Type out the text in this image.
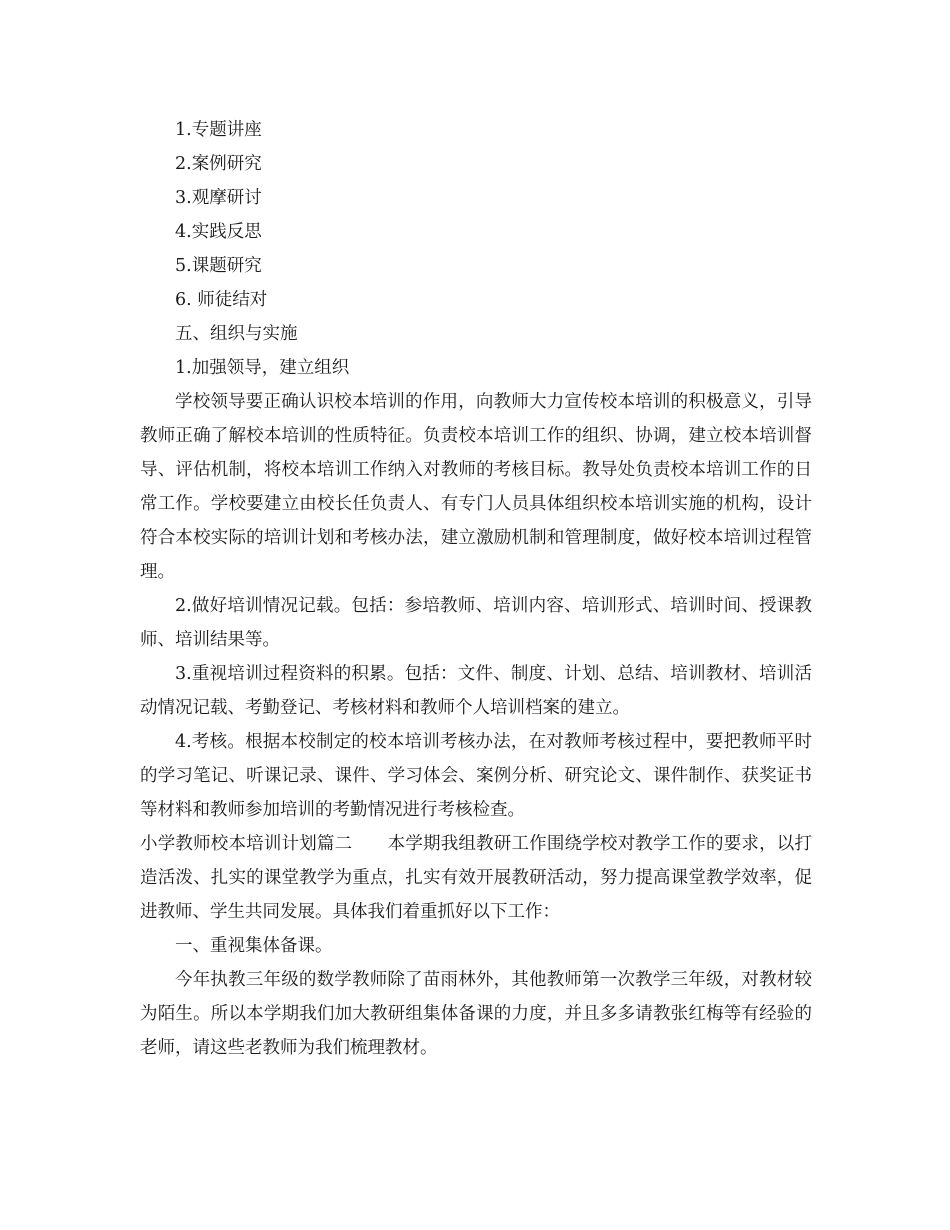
1.专题讲座

2.案例研究

3.观摩研讨

4.实践反思

5.课题研究

6. 师徒结对

五、组织与实施

1.加强领导，建立组织

学校领导要正确认识校本培训的作用，向教师大力宣传校本培训的积极意义，引导教师正确了解校本培训的性质特征。负责校本培训工作的组织、协调，建立校本培训督导、评估机制，将校本培训工作纳入对教师的考核目标。教导处负责校本培训工作的日常工作。学校要建立由校长任负责人、有专门人员具体组织校本培训实施的机构，设计符合本校实际的培训计划和考核办法，建立激励机制和管理制度，做好校本培训过程管理。

2.做好培训情况记载。包括：参培教师、培训内容、培训形式、培训时间、授课教师、培训结果等。

3.重视培训过程资料的积累。包括：文件、制度、计划、总结、培训教材、培训活动情况记载、考勤登记、考核材料和教师个人培训档案的建立。

4.考核。根据本校制定的校本培训考核办法，在对教师考核过程中，要把教师平时的学习笔记、听课记录、课件、学习体会、案例分析、研究论文、课件制作、获奖证书等材料和教师参加培训的考勤情况进行考核检查。

小学教师校本培训计划篇二　　本学期我组教研工作围绕学校对教学工作的要求，以打造活泼、扎实的课堂教学为重点，扎实有效开展教研活动，努力提高课堂教学效率，促进教师、学生共同发展。具体我们着重抓好以下工作：

一、重视集体备课。

今年执教三年级的数学教师除了苗雨林外，其他教师第一次教学三年级，对教材较为陌生。所以本学期我们加大教研组集体备课的力度，并且多多请教张红梅等有经验的老师，请这些老教师为我们梳理教材。
